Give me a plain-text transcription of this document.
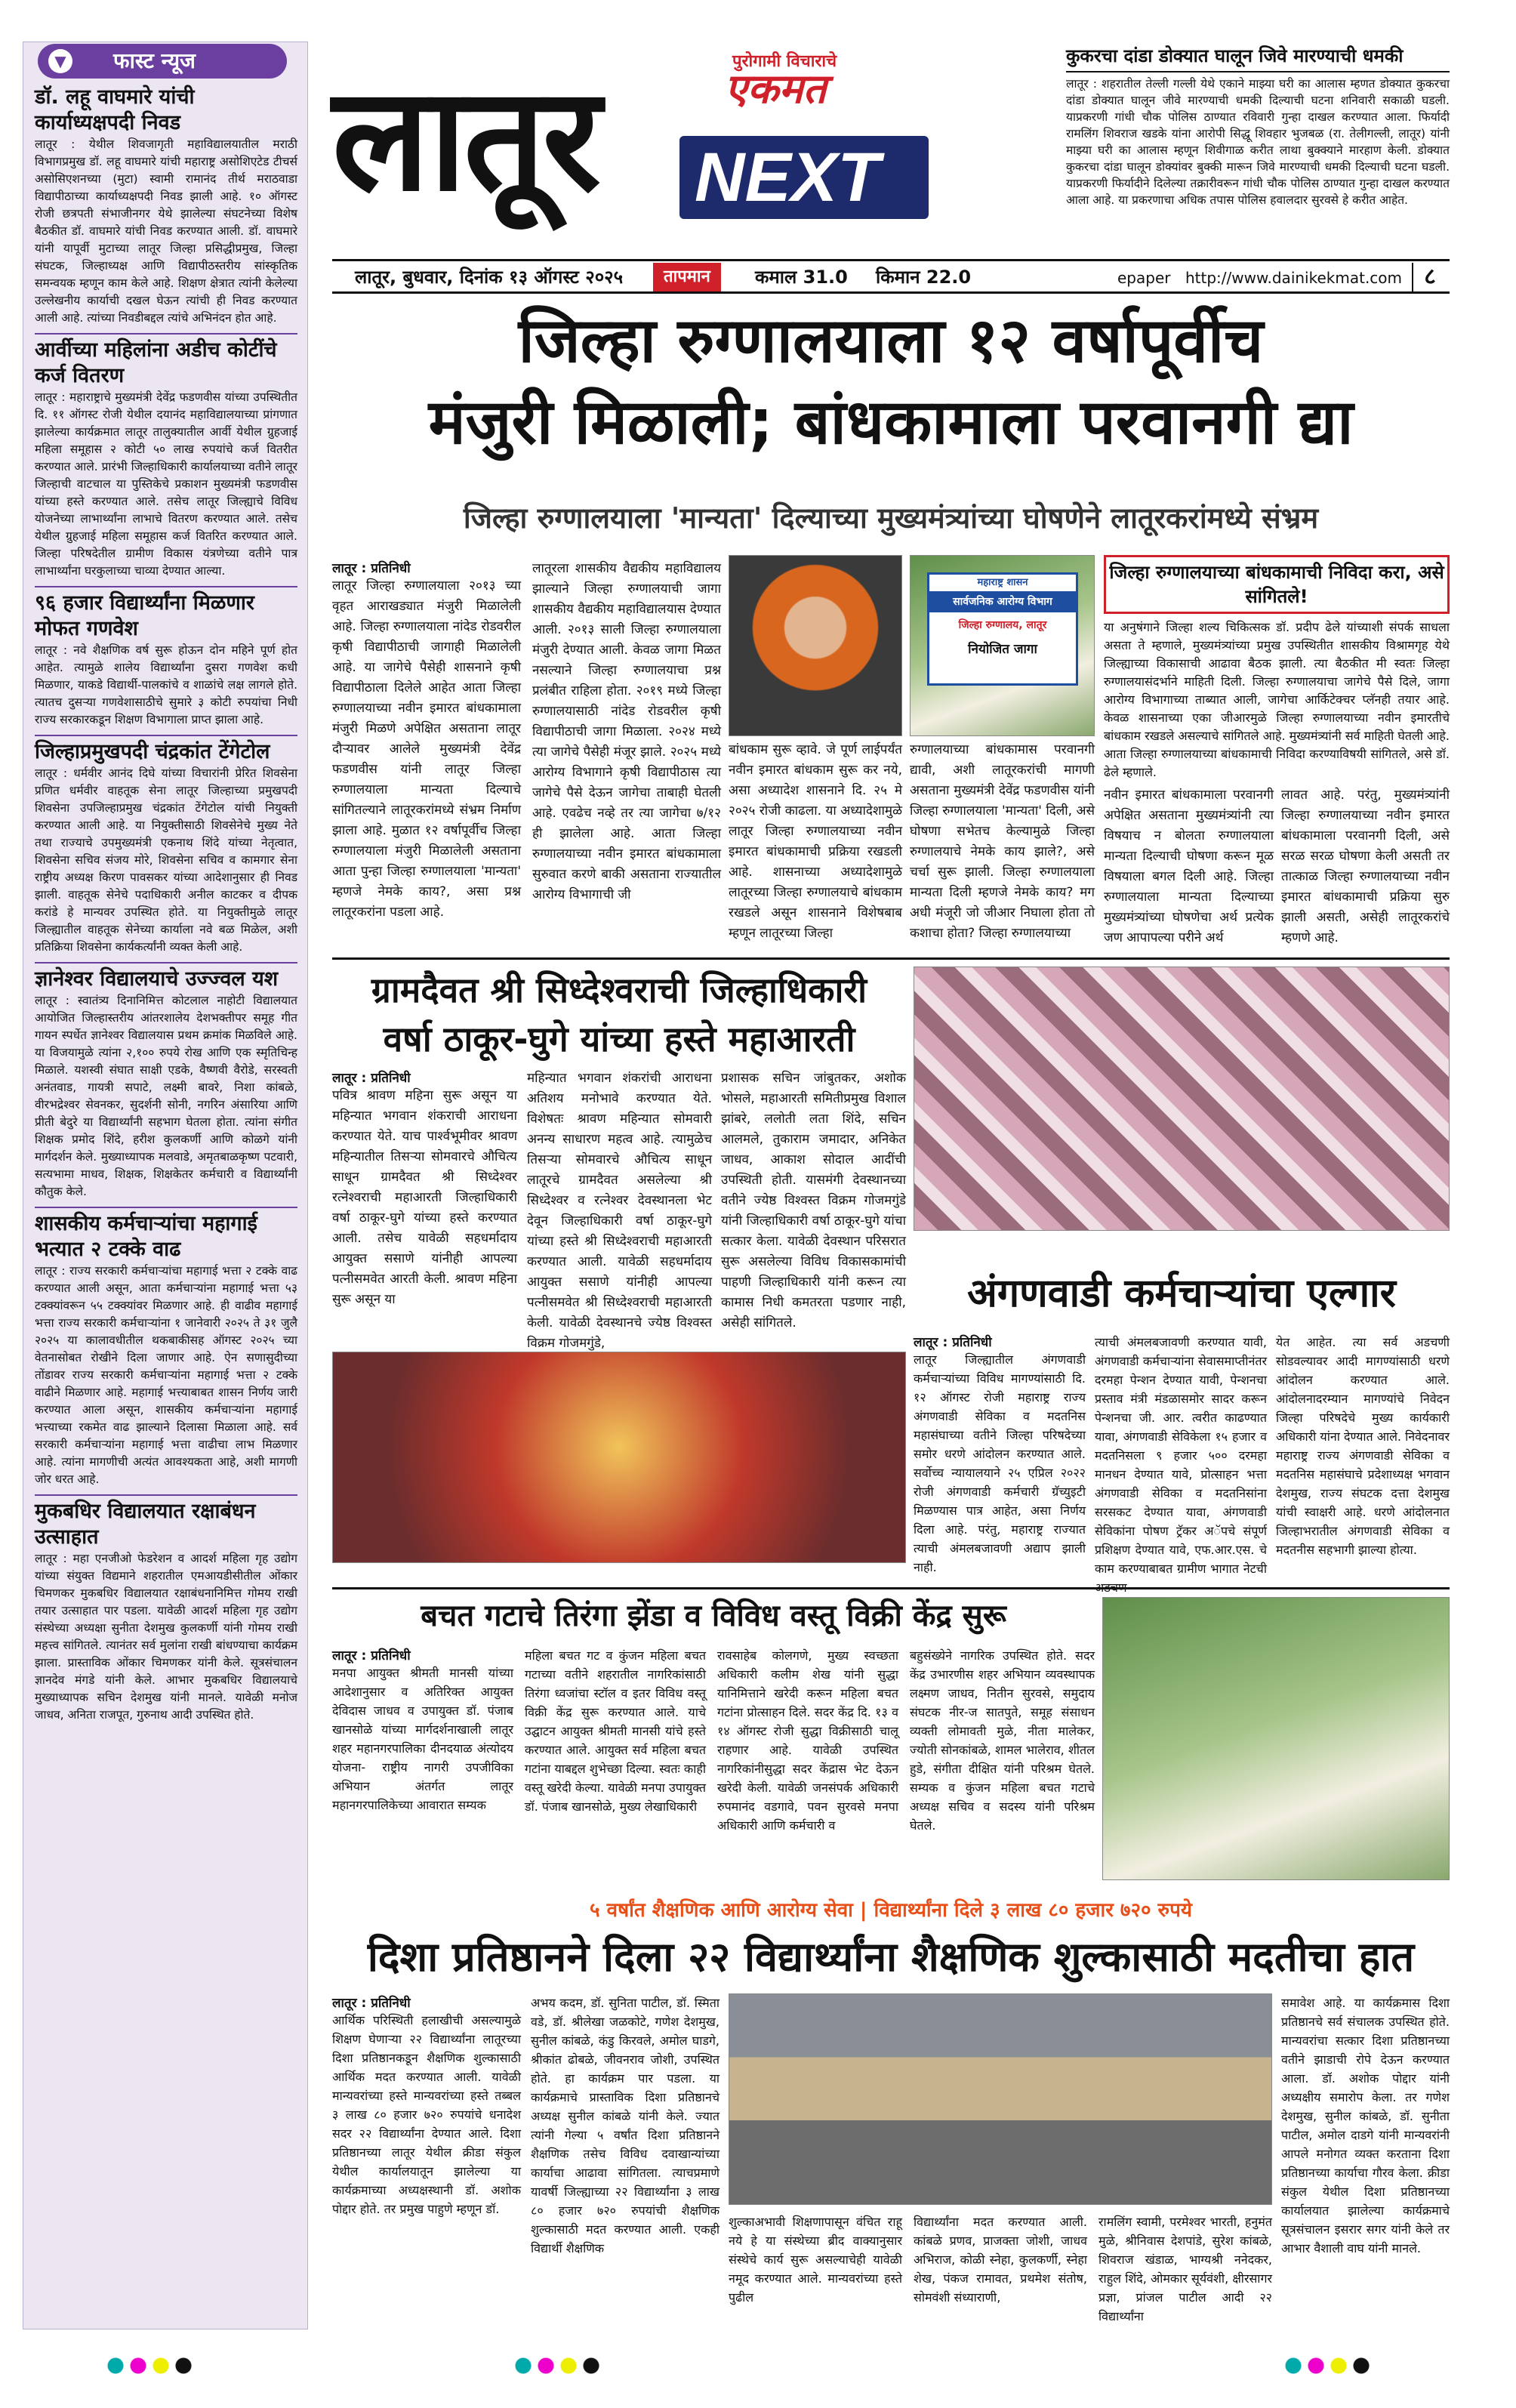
▼ फास्ट न्यूज
डॉ. लहू वाघमारे यांची कार्याध्यक्षपदी निवड
लातूर : येथील शिवजागृती महाविद्यालयातील मराठी विभागप्रमुख डॉ. लहू वाघमारे यांची महाराष्ट्र असोशिएटेड टीचर्स असोसिएशनच्या (मुटा) स्वामी रामानंद तीर्थ मराठवाडा विद्यापीठाच्या कार्याध्यक्षपदी निवड झाली आहे. १० ऑगस्ट रोजी छत्रपती संभाजीनगर येथे झालेल्या संघटनेच्या विशेष बैठकीत डॉ. वाघमारे यांची निवड करण्यात आली. डॉ. वाघमारे यांनी यापूर्वी मुटाच्या लातूर जिल्हा प्रसिद्धीप्रमुख, जिल्हा संघटक, जिल्हाध्यक्ष आणि विद्यापीठस्तरीय सांस्कृतिक समन्वयक म्हणून काम केले आहे. शिक्षण क्षेत्रात त्यांनी केलेल्या उल्लेखनीय कार्याची दखल घेऊन त्यांची ही निवड करण्यात आली आहे. त्यांच्या निवडीबद्दल त्यांचे अभिनंदन होत आहे.
आर्वीच्या महिलांना अडीच कोटींचे कर्ज वितरण
लातूर : महाराष्ट्राचे मुख्यमंत्री देवेंद्र फडणवीस यांच्या उपस्थितीत दि. ११ ऑगस्ट रोजी येथील दयानंद महाविद्यालयाच्या प्रांगणात झालेल्या कार्यक्रमात लातूर तालुक्यातील आर्वी येथील ग्रुहजाई महिला समूहास २ कोटी ५० लाख रुपयांचे कर्ज वितरीत करण्यात आले. प्रारंभी जिल्हाधिकारी कार्यालयाच्या वतीने लातूर जिल्हाची वाटचाल या पुस्तिकेचे प्रकाशन मुख्यमंत्री फडणवीस यांच्या हस्ते करण्यात आले. तसेच लातूर जिल्ह्याचे विविध योजनेच्या लाभार्थ्यांना लाभाचे वितरण करण्यात आले. तसेच येथील ग्रुहजाई महिला समूहास कर्ज वितरित करण्यात आले. जिल्हा परिषदेतील ग्रामीण विकास यंत्रणेच्या वतीने पात्र लाभार्थ्यांना घरकुलाच्या चाव्या देण्यात आल्या.
९६ हजार विद्यार्थ्यांना मिळणार मोफत गणवेश
लातूर : नवे शैक्षणिक वर्ष सुरू होऊन दोन महिने पूर्ण होत आहेत. त्यामुळे शालेय विद्यार्थ्यांना दुसरा गणवेश कधी मिळणार, याकडे विद्यार्थी-पालकांचे व शाळांचे लक्ष लागले होते. त्यातच दुसऱ्या गणवेशासाठीचे सुमारे ३ कोटी रुपयांचा निधी राज्य सरकारकडून शिक्षण विभागाला प्राप्त झाला आहे.
जिल्हाप्रमुखपदी चंद्रकांत टेंगेटोल
लातूर : धर्मवीर आनंद दिघे यांच्या विचारांनी प्रेरित शिवसेना प्रणित धर्मवीर वाहतूक सेना लातूर जिल्हाच्या प्रमुखपदी शिवसेना उपजिल्हाप्रमुख चंद्रकांत टेंगेटोल यांची नियुक्ती करण्यात आली आहे. या नियुक्तीसाठी शिवसेनेचे मुख्य नेते तथा राज्याचे उपमुख्यमंत्री एकनाथ शिंदे यांच्या नेतृत्वात, शिवसेना सचिव संजय मोरे, शिवसेना सचिव व कामगार सेना राष्ट्रीय अध्यक्ष किरण पावसकर यांच्या आदेशानुसार ही निवड झाली. वाहतूक सेनेचे पदाधिकारी अनील काटकर व दीपक करांडे हे मान्यवर उपस्थित होते. या नियुक्तीमुळे लातूर जिल्ह्यातील वाहतूक सेनेच्या कार्याला नवे बळ मिळेल, अशी प्रतिक्रिया शिवसेना कार्यकर्त्यांनी व्यक्त केली आहे.
ज्ञानेश्वर विद्यालयाचे उज्ज्वल यश
लातूर : स्वातंत्र्य दिनानिमित्त कोटलाल नाहोटी विद्यालयात आयोजित जिल्हास्तरीय आंतरशालेय देशभक्तीपर समूह गीत गायन स्पर्धेत ज्ञानेश्वर विद्यालयास प्रथम क्रमांक मिळविले आहे. या विजयामुळे त्यांना २,१०० रुपये रोख आणि एक स्मृतिचिन्ह मिळाले. यशस्वी संघात साक्षी एडके, वैष्णवी वैरोडे, सरस्वती अनंतवाड, गायत्री सपाटे, लक्ष्मी बावरे, निशा कांबळे, वीरभद्रेश्वर सेवनकर, सुदर्शनी सोनी, नगरिन अंसारिया आणि प्रीती बेदुरे या विद्यार्थ्यांनी सहभाग घेतला होता. त्यांना संगीत शिक्षक प्रमोद शिंदे, हरीश कुलकर्णी आणि कोळगे यांनी मार्गदर्शन केले. मुख्याध्यापक मलवाडे, अमृतबाळकृष्ण पटवारी, सत्यभामा माधव, शिक्षक, शिक्षकेतर कर्मचारी व विद्यार्थ्यांनी कौतुक केले.
शासकीय कर्मचाऱ्यांचा महागाई भत्यात २ टक्के वाढ
लातूर : राज्य सरकारी कर्मचाऱ्यांचा महागाई भत्ता २ टक्के वाढ करण्यात आली असून, आता कर्मचाऱ्यांना महागाई भत्ता ५३ टक्क्यांवरून ५५ टक्क्यांवर मिळणार आहे. ही वाढीव महागाई भत्ता राज्य सरकारी कर्मचाऱ्यांना १ जानेवारी २०२५ ते ३१ जुलै २०२५ या कालावधीतील थकबाकीसह ऑगस्ट २०२५ च्या वेतनासोबत रोखीने दिला जाणार आहे. ऐन सणासुदीच्या तोंडावर राज्य सरकारी कर्मचाऱ्यांना महागाई भत्ता २ टक्के वाढीने मिळणार आहे. महागाई भत्त्याबाबत शासन निर्णय जारी करण्यात आला असून, शासकीय कर्मचाऱ्यांना महागाई भत्त्याच्या रकमेत वाढ झाल्याने दिलासा मिळाला आहे. सर्व सरकारी कर्मचाऱ्यांना महागाई भत्ता वाढीचा लाभ मिळणार आहे. त्यांना मागणीची अत्यंत आवश्यकता आहे, अशी मागणी जोर धरत आहे.
मुकबधिर विद्यालयात रक्षाबंधन उत्साहात
लातूर : महा एनजीओ फेडरेशन व आदर्श महिला गृह उद्योग यांच्या संयुक्त विद्यमाने शहरातील एमआयडीसीतील ओंकार चिमणकर मुकबधिर विद्यालयात रक्षाबंधनानिमित्त गोमय राखी तयार उत्साहात पार पडला. यावेळी आदर्श महिला गृह उद्योग संस्थेच्या अध्यक्षा सुनीता देशमुख कुलकर्णी यांनी गोमय राखी महत्त्व सांगितले. त्यानंतर सर्व मुलांना राखी बांधण्याचा कार्यक्रम झाला. प्रास्ताविक ओंकार चिमणकर यांनी केले. सूत्रसंचालन ज्ञानदेव मंगडे यांनी केले. आभार मुकबधिर विद्यालयाचे मुख्याध्यापक सचिन देशमुख यांनी मानले. यावेळी मनोज जाधव, अनिता राजपूत, गुरुनाथ आदी उपस्थित होते.
लातूर	पुरोगामी विचाराचे
एकमत
NEXT
लातूर, बुधवार, दिनांक १३ ऑगस्ट २०२५	तापमान	कमाल 31.0 किमान 22.0	epaper http://www.dainikekmat.com ८
कुकरचा दांडा डोक्यात घालून जिवे मारण्याची धमकी
लातूर : शहरातील तेल्ली गल्ली येथे एकाने माझ्या घरी का आलास म्हणत डोक्यात कुकरचा दांडा डोक्यात घालून जीवे मारण्याची धमकी दिल्याची घटना शनिवारी सकाळी घडली. याप्रकरणी गांधी चौक पोलिस ठाण्यात रविवारी गुन्हा दाखल करण्यात आला. फिर्यादी रामलिंग शिवराज खडके यांना आरोपी सिद्धू शिवहार भुजबळ (रा. तेलीगल्ली, लातूर) यांनी माझ्या घरी का आलास म्हणून शिवीगाळ करीत लाथा बुक्क्याने मारहाण केली. डोक्यात कुकरचा दांडा घालून डोक्यांवर बुक्की मारून जिवे मारण्याची धमकी दिल्याची घटना घडली. याप्रकरणी फिर्यादीने दिलेल्या तक्रारीवरून गांधी चौक पोलिस ठाण्यात गुन्हा दाखल करण्यात आला आहे. या प्रकरणाचा अधिक तपास पोलिस हवालदार सुरवसे हे करीत आहेत.
जिल्हा रुग्णालयाला १२ वर्षापूर्वीच
मंजुरी मिळाली; बांधकामाला परवानगी द्या
जिल्हा रुग्णालयाला 'मान्यता' दिल्याच्या मुख्यमंत्र्यांच्या घोषणेने लातूरकरांमध्ये संभ्रम
लातूर : प्रतिनिधी
लातूर जिल्हा रुग्णालयाला २०१३ च्या वृहत आराखड्यात मंजुरी मिळालेली आहे. जिल्हा रुग्णालयाला नांदेड रोडवरील कृषी विद्यापीठाची जागाही मिळालेली आहे. या जागेचे पैसेही शासनाने कृषी विद्यापीठाला दिलेले आहेत आता जिल्हा रुग्णालयाच्या नवीन इमारत बांधकामाला मंजुरी मिळणे अपेक्षित असताना लातूर दौऱ्यावर आलेले मुख्यमंत्री देवेंद्र फडणवीस यांनी लातूर जिल्हा रुग्णालयाला मान्यता दिल्याचे सांगितल्याने लातूरकरांमध्ये संभ्रम निर्माण झाला आहे. मुळात १२ वर्षापूर्वीच जिल्हा रुग्णालयाला मंजुरी मिळालेली असताना आता पुन्हा जिल्हा रुग्णालयाला 'मान्यता' म्हणजे नेमके काय?, असा प्रश्न लातूरकरांना पडला आहे.
लातूरला शासकीय वैद्यकीय महाविद्यालय झाल्याने जिल्हा रुग्णालयाची जागा शासकीय वैद्यकीय महाविद्यालयास देण्यात आली. २०१३ साली जिल्हा रुग्णालयाला मंजुरी देण्यात आली. केवळ जागा मिळत नसल्याने जिल्हा रुग्णालयाचा प्रश्न प्रलंबीत राहिला होता. २०१९ मध्ये जिल्हा रुग्णालयासाठी नांदेड रोडवरील कृषी विद्यापीठाची जागा मिळाला. २०२४ मध्ये त्या जागेचे पैसेही मंजूर झाले. २०२५ मध्ये आरोग्य विभागाने कृषी विद्यापीठास त्या जागेचे पैसे देऊन जागेचा ताबाही घेतली आहे. एवढेच नव्हे तर त्या जागेचा ७/१२ ही झालेला आहे. आता जिल्हा रुग्णालयाच्या नवीन इमारत बांधकामाला सुरुवात करणे बाकी असताना राज्यातील आरोग्य विभागाची जी
बांधकाम सुरू व्हावे. जे पूर्ण लाईपर्यंत नवीन इमारत बांधकाम सुरू कर नये, असा अध्यादेश शासनाने दि. २५ मे २०२५ रोजी काढला. या अध्यादेशामुळे लातूर जिल्हा रुग्णालयाच्या नवीन इमारत बांधकामाची प्रक्रिया रखडली आहे. शासनाच्या अध्यादेशामुळे लातूरच्या जिल्हा रुग्णालयाचे बांधकाम रखडले असून शासनाने विशेषबाब म्हणून लातूरच्या जिल्हा
महाराष्ट्र शासन
सार्वजनिक आरोग्य विभाग
जिल्हा रुग्णालय, लातूर
नियोजित जागा
रुग्णालयाच्या बांधकामास परवानगी द्यावी, अशी लातूरकरांची मागणी असताना मुख्यमंत्री देवेंद्र फडणवीस यांनी जिल्हा रुग्णालयाला 'मान्यता' दिली, असे घोषणा सभेतच केल्यामुळे जिल्हा रुग्णालयाचे नेमके काय झाले?, असे चर्चा सुरू झाली. जिल्हा रुग्णालयाला मान्यता दिली म्हणजे नेमके काय? मग अधी मंजूरी जो जीआर निघाला होता तो कशाचा होता? जिल्हा रुग्णालयाच्या
जिल्हा रुग्णालयाच्या बांधकामाची निविदा करा, असे सांगितले!
या अनुषंगाने जिल्हा शल्य चिकित्सक डॉ. प्रदीप ढेले यांच्याशी संपर्क साधला असता ते म्हणाले, मुख्यमंत्र्यांच्या प्रमुख उपस्थितीत शासकीय विश्रामगृह येथे जिल्ह्याच्या विकासाची आढावा बैठक झाली. त्या बैठकीत मी स्वतः जिल्हा रुग्णालयासंदर्भाने माहिती दिली. जिल्हा रुग्णालयाचा जागेचे पैसे दिले, जागा आरोग्य विभागाच्या ताब्यात आली, जागेचा आर्किटेक्चर प्लॅनही तयार आहे. केवळ शासनाच्या एका जीआरमुळे जिल्हा रुग्णालयाच्या नवीन इमारतीचे बांधकाम रखडले असल्याचे सांगितले आहे. मुख्यमंत्र्यांनी सर्व माहिती घेतली आहे. आता जिल्हा रुग्णालयाच्या बांधकामाची निविदा करण्याविषयी सांगितले, असे डॉ. ढेले म्हणाले.
नवीन इमारत बांधकामाला परवानगी अपेक्षित असताना मुख्यमंत्र्यांनी त्या विषयाच न बोलता रुग्णालयाला मान्यता दिल्याची घोषणा करून मूळ विषयाला बगल दिली आहे. जिल्हा रुग्णालयाला मान्यता दिल्याच्या मुख्यमंत्र्यांच्या घोषणेचा अर्थ प्रत्येक जण आपापल्या परीने अर्थ
लावत आहे. परंतु, मुख्यमंत्र्यांनी जिल्हा रुग्णालयाच्या नवीन इमारत बांधकामाला परवानगी दिली, असे सरळ सरळ घोषणा केली असती तर तात्काळ जिल्हा रुग्णालयाच्या नवीन इमारत बांधकामाची प्रक्रिया सुरु झाली असती, असेही लातूरकरांचे म्हणणे आहे.
ग्रामदैवत श्री सिध्देश्वराची जिल्हाधिकारी
वर्षा ठाकूर-घुगे यांच्या हस्ते महाआरती
लातूर : प्रतिनिधी
पवित्र श्रावण महिना सुरू असून या महिन्यात भगवान शंकराची आराधना करण्यात येते. याच पार्श्वभूमीवर श्रावण महिन्यातील तिसऱ्या सोमवारचे औचित्य साधून ग्रामदैवत श्री सिध्देश्वर रत्नेश्वराची महाआरती जिल्हाधिकारी वर्षा ठाकूर-घुगे यांच्या हस्ते करण्यात आली. तसेच यावेळी सहधर्मादाय आयुक्त ससाणे यांनीही आपल्या पत्नीसमवेत आरती केली. श्रावण महिना सुरू असून या
महिन्यात भगवान शंकरांची आराधना अतिशय मनोभावे करण्यात येते. विशेषतः श्रावण महिन्यात सोमवारी अनन्य साधारण महत्व आहे. त्यामुळेच तिसऱ्या सोमवारचे औचित्य साधून लातूरचे ग्रामदैवत असलेल्या श्री सिध्देश्वर व रत्नेश्वर देवस्थानला भेट देवून जिल्हाधिकारी वर्षा ठाकूर-घुगे यांच्या हस्ते श्री सिध्देश्वराची महाआरती करण्यात आली. यावेळी सहधर्मादाय आयुक्त ससाणे यांनीही आपल्या पत्नीसमवेत श्री सिध्देश्वराची महाआरती केली. यावेळी देवस्थानचे ज्येष्ठ विश्वस्त विक्रम गोजमगुंडे,
प्रशासक सचिन जांबुतकर, अशोक भोसले, महाआरती समितीप्रमुख विशाल झांबरे, ललोती लता शिंदे, सचिन आलमले, तुकाराम जमादार, अनिकेत जाधव, आकाश सोदाल आदींची उपस्थिती होती. यासमंगी देवस्थानच्या वतीने ज्येष्ठ विश्वस्त विक्रम गोजमगुंडे यांनी जिल्हाधिकारी वर्षा ठाकूर-घुगे यांचा सत्कार केला. यावेळी देवस्थान परिसरात सुरू असलेल्या विविध विकासकामांची पाहणी जिल्हाधिकारी यांनी करून त्या कामास निधी कमतरता पडणार नाही, असेही सांगितले.
अंगणवाडी कर्मचाऱ्यांचा एल्गार
लातूर : प्रतिनिधी
लातूर जिल्ह्यातील अंगणवाडी कर्मचाऱ्यांच्या विविध मागण्यांसाठी दि. १२ ऑगस्ट रोजी महाराष्ट्र राज्य अंगणवाडी सेविका व मदतनिस महासंघाच्या वतीने जिल्हा परिषदेच्या समोर धरणे आंदोलन करण्यात आले. सर्वोच्च न्यायालयाने २५ एप्रिल २०२२ रोजी अंगणवाडी कर्मचारी ग्रॅच्युइटी मिळण्यास पात्र आहेत, असा निर्णय दिला आहे. परंतु, महाराष्ट्र राज्यात त्याची अंमलबजावणी अद्याप झाली नाही.
त्याची अंमलबजावणी करण्यात यावी, अंगणवाडी कर्मचाऱ्यांना सेवासमाप्तीनंतर दरमहा पेन्शन देण्यात यावी, पेन्शनचा प्रस्ताव मंत्री मंडळासमोर सादर करून पेन्शनचा जी. आर. त्वरीत काढण्यात यावा, अंगणवाडी सेविकेला १५ हजार व मदतनिसला ९ हजार ५०० दरमहा मानधन देण्यात यावे, प्रोत्साहन भत्ता अंगणवाडी सेविका व मदतनिसांना सरसकट देण्यात यावा, अंगणवाडी सेविकांना पोषण ट्रॅकर अॅपचे संपूर्ण प्रशिक्षण देण्यात यावे, एफ.आर.एस. चे काम करण्याबाबत ग्रामीण भागात नेटची
येत आहेत. त्या सर्व अडचणी सोडवल्यावर आदी मागण्यांसाठी धरणे आंदोलन करण्यात आले. आंदोलनादरम्यान मागण्यांचे निवेदन जिल्हा परिषदेचे मुख्य कार्यकारी अधिकारी यांना देण्यात आले. निवेदनावर महाराष्ट्र राज्य अंगणवाडी सेविका व मदतनिस महासंघाचे प्रदेशाध्यक्ष भगवान देशमुख, राज्य संघटक दत्ता देशमुख यांची स्वाक्षरी आहे. धरणे आंदोलनात जिल्हाभरातील अंगणवाडी सेविका व मदतनीस सहभागी झाल्या होत्या.
बचत गटाचे तिरंगा झेंडा व विविध वस्तू विक्री केंद्र सुरू
लातूर : प्रतिनिधी
मनपा आयुक्त श्रीमती मानसी यांच्या आदेशानुसार व अतिरिक्त आयुक्त देविदास जाधव व उपायुक्त डॉ. पंजाब खानसोळे यांच्या मार्गदर्शनाखाली लातूर शहर महानगरपालिका दीनदयाळ अंत्योदय योजना- राष्ट्रीय नागरी उपजीविका अभियान अंतर्गत लातूर महानगरपालिकेच्या आवारात सम्यक
महिला बचत गट व कुंजन महिला बचत गटाच्या वतीने शहरातील नागरिकांसाठी तिरंगा ध्वजांचा स्टॉल व इतर विविध वस्तू विक्री केंद्र सुरू करण्यात आले. याचे उद्घाटन आयुक्त श्रीमती मानसी यांचे हस्ते करण्यात आले. आयुक्त सर्व महिला बचत गटांना याबद्दल शुभेच्छा दिल्या. स्वतः काही वस्तू खरेदी केल्या. यावेळी मनपा उपायुक्त डॉ. पंजाब खानसोळे, मुख्य लेखाधिकारी
रावसाहेब कोलगणे, मुख्य स्वच्छता अधिकारी कलीम शेख यांनी सुद्धा यानिमित्ताने खरेदी करून महिला बचत गटांना प्रोत्साहन दिले. सदर केंद्र दि. १३ व १४ ऑगस्ट रोजी सुद्धा विक्रीसाठी चालू राहणार आहे. यावेळी उपस्थित नागरिकांनीसुद्धा सदर केंद्रास भेट देऊन खरेदी केली. यावेळी जनसंपर्क अधिकारी रुपमानंद वडगावे, पवन सुरवसे मनपा अधिकारी आणि कर्मचारी व
बहुसंख्येने नागरिक उपस्थित होते. सदर केंद्र उभारणीस शहर अभियान व्यवस्थापक लक्ष्मण जाधव, नितीन सुरवसे, समुदाय संघटक नीर-ज सातपुते, समूह संसाधन व्यक्ती लोमावती मुळे, नीता मालेकर, ज्योती सोनकांबळे, शामल भालेराव, शीतल हुडे, संगीता दीक्षित यांनी परिश्रम घेतले. सम्यक व कुंजन महिला बचत गटाचे अध्यक्ष सचिव व सदस्य यांनी परिश्रम घेतले.
५ वर्षांत शैक्षणिक आणि आरोग्य सेवा | विद्यार्थ्यांना दिले ३ लाख ८० हजार ७२० रुपये
दिशा प्रतिष्ठानने दिला २२ विद्यार्थ्यांना शैक्षणिक शुल्कासाठी मदतीचा हात
लातूर : प्रतिनिधी
आर्थिक परिस्थिती हलाखीची असल्यामुळे शिक्षण घेणाऱ्या २२ विद्यार्थ्यांना लातूरच्या दिशा प्रतिष्ठानकडून शैक्षणिक शुल्कासाठी आर्थिक मदत करण्यात आली. यावेळी मान्यवरांच्या हस्ते मान्यवरांच्या हस्ते तब्बल ३ लाख ८० हजार ७२० रुपयांचे धनादेश सदर २२ विद्यार्थ्यांना देण्यात आले. दिशा प्रतिष्ठानच्या लातूर येथील क्रीडा संकुल येथील कार्यालयातून झालेल्या या कार्यक्रमाच्या अध्यक्षस्थानी डॉ. अशोक पोद्दार होते. तर प्रमुख पाहुणे म्हणून डॉ.
अभय कदम, डॉ. सुनिता पाटील, डॉ. स्मिता वडे, डॉ. श्रीलेखा जळकोटे, गणेश देशमुख, सुनील कांबळे, कंडु किरवले, अमोल घाडगे, श्रीकांत ढोबळे, जीवनराव जोशी, उपस्थित होते. हा कार्यक्रम पार पडला. या कार्यक्रमाचे प्रास्ताविक दिशा प्रतिष्ठानचे अध्यक्ष सुनील कांबळे यांनी केले. ज्यात त्यांनी गेल्या ५ वर्षांत दिशा प्रतिष्ठानने शैक्षणिक तसेच विविध दवाखान्यांच्या कार्याचा आढावा सांगितला. त्याचप्रमाणे यावर्षी जिल्ह्याच्या २२ विद्यार्थ्यांना ३ लाख ८० हजार ७२० रुपयांची शैक्षणिक शुल्कासाठी मदत करण्यात आली. एकही विद्यार्थी शैक्षणिक
शुल्काअभावी शिक्षणापासून वंचित राहू नये हे या संस्थेच्या ब्रीद वाक्यानुसार संस्थेचे कार्य सुरू असल्याचेही यावेळी नमूद करण्यात आले. मान्यवरांच्या हस्ते पुढील
विद्यार्थ्यांना मदत करण्यात आली. कांबळे प्रणव, प्राजक्ता जोशी, जाधव अभिराज, कोळी स्नेहा, कुलकर्णी, स्नेहा शेख, पंकज रामावत, प्रथमेश संतोष, सोमवंशी संध्याराणी,
रामलिंग स्वामी, परमेश्वर भारती, हनुमंत मुळे, श्रीनिवास देशपांडे, सुरेश कांबळे, शिवराज खंडाळ, भाग्यश्री ननेदकर, राहुल शिंदे, ओमकार सूर्यवंशी, क्षीरसागर प्रज्ञा, प्रांजल पाटील आदी २२ विद्यार्थ्यांना
समावेश आहे. या कार्यक्रमास दिशा प्रतिष्ठानचे सर्व संचालक उपस्थित होते. मान्यवरांचा सत्कार दिशा प्रतिष्ठानच्या वतीने झाडाची रोपे देऊन करण्यात आला. डॉ. अशोक पोद्दार यांनी अध्यक्षीय समारोप केला. तर गणेश देशमुख, सुनील कांबळे, डॉ. सुनीता पाटील, अमोल दाडगे यांनी मान्यवरांनी आपले मनोगत व्यक्त करताना दिशा प्रतिष्ठानच्या कार्याचा गौरव केला. क्रीडा संकुल येथील दिशा प्रतिष्ठानच्या कार्यालयात झालेल्या कार्यक्रमाचे सूत्रसंचालन इसरार सगर यांनी केले तर आभार वैशाली वाघ यांनी मानले.
